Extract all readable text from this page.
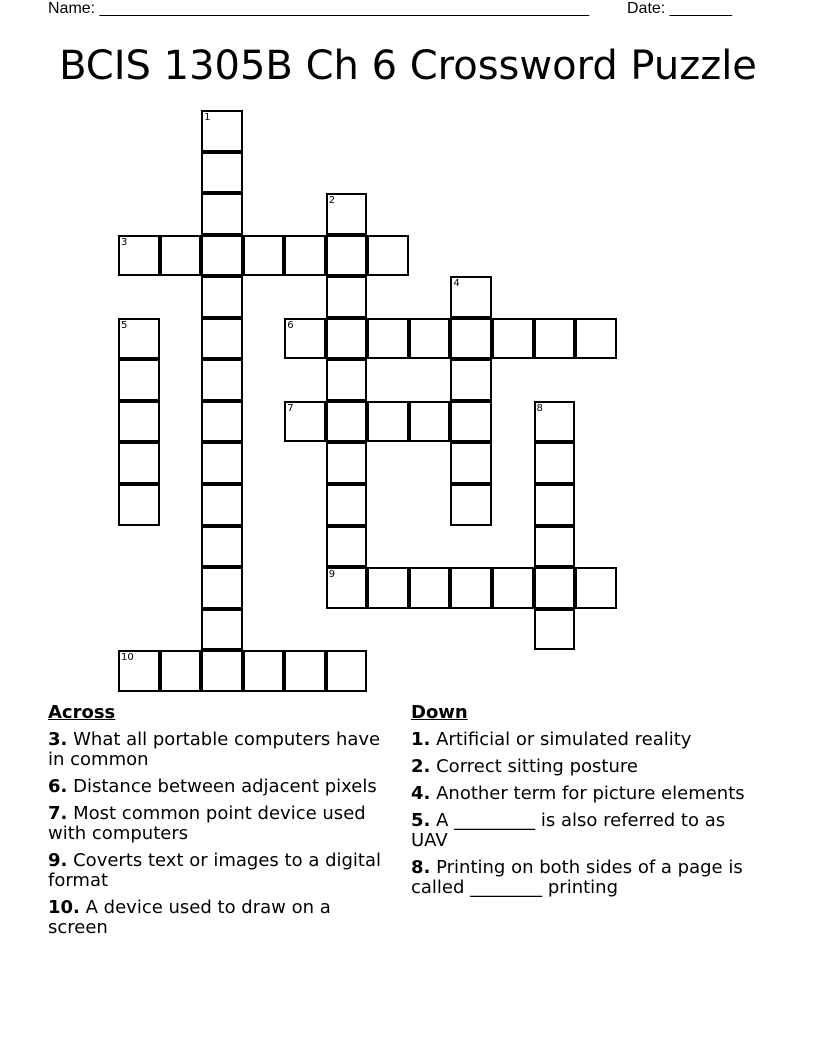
Name: _______________________________________________________ Date: _______
BCIS 1305B Ch 6 Crossword Puzzle
1
2
3
4
5	6
7	8
9
10
Across
3. What all portable computers have in common
6. Distance between adjacent pixels
7. Most common point device used with computers
9. Coverts text or images to a digital format
10. A device used to draw on a screen
Down
1. Artificial or simulated reality
2. Correct sitting posture
4. Another term for picture elements
5. A _________ is also referred to as UAV
8. Printing on both sides of a page is called ________ printing
